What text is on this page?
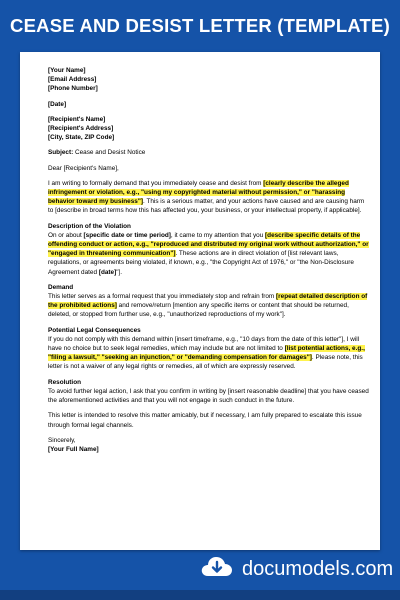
CEASE AND DESIST LETTER (TEMPLATE)

[Your Name]

[Email Address]

[Phone Number]

[Date]

[Recipient's Name]

[Recipient's Address]

[City, State, ZIP Code]

Subject: Cease and Desist Notice

Dear [Recipient's Name],

I am writing to formally demand that you immediately cease and desist from [clearly describe the alleged infringement or violation, e.g., "using my copyrighted material without permission," or "harassing behavior toward my business"]. This is a serious matter, and your actions have caused and are causing harm to [describe in broad terms how this has affected you, your business, or your intellectual property, if applicable].

Description of the Violation

On or about [specific date or time period], it came to my attention that you [describe specific details of the offending conduct or action, e.g., "reproduced and distributed my original work without authorization," or "engaged in threatening communication"]. These actions are in direct violation of [list relevant laws, regulations, or agreements being violated, if known, e.g., "the Copyright Act of 1976," or "the Non-Disclosure Agreement dated [date]"].

Demand

This letter serves as a formal request that you immediately stop and refrain from [repeat detailed description of the prohibited actions] and remove/return [mention any specific items or content that should be returned, deleted, or stopped from further use, e.g., "unauthorized reproductions of my work"].

Potential Legal Consequences

If you do not comply with this demand within [insert timeframe, e.g., "10 days from the date of this letter"], I will have no choice but to seek legal remedies, which may include but are not limited to [list potential actions, e.g., "filing a lawsuit," "seeking an injunction," or "demanding compensation for damages"]. Please note, this letter is not a waiver of any legal rights or remedies, all of which are expressly reserved.

Resolution

To avoid further legal action, I ask that you confirm in writing by [insert reasonable deadline] that you have ceased the aforementioned activities and that you will not engage in such conduct in the future.

This letter is intended to resolve this matter amicably, but if necessary, I am fully prepared to escalate this issue through formal legal channels.

Sincerely,

[Your Full Name]

documodels.com
